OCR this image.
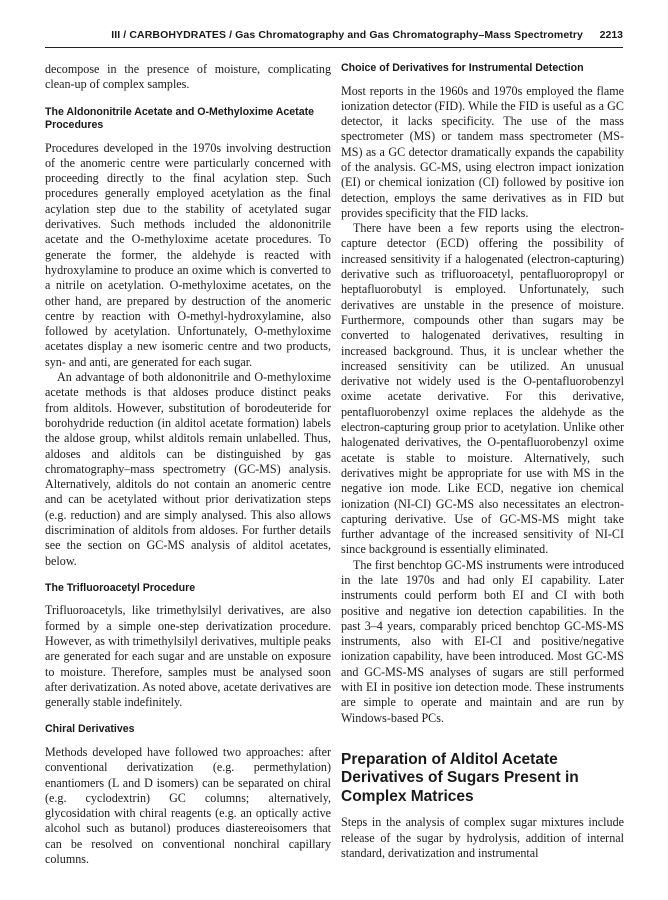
III / CARBOHYDRATES / Gas Chromatography and Gas Chromatography–Mass Spectrometry 2213

decompose in the presence of moisture, complicating clean-up of complex samples.

The Aldononitrile Acetate and O-Methyloxime Acetate Procedures

Procedures developed in the 1970s involving destruction of the anomeric centre were particularly concerned with proceeding directly to the final acylation step. Such procedures generally employed acetylation as the final acylation step due to the stability of acetylated sugar derivatives. Such methods included the aldononitrile acetate and the O-methyloxime acetate procedures. To generate the former, the aldehyde is reacted with hydroxylamine to produce an oxime which is converted to a nitrile on acetylation. O-methyloxime acetates, on the other hand, are prepared by destruction of the anomeric centre by reaction with O-methyl-hydroxylamine, also followed by acetylation. Unfortunately, O-methyloxime acetates display a new isomeric centre and two products, syn- and anti, are generated for each sugar.

An advantage of both aldononitrile and O-methyloxime acetate methods is that aldoses produce distinct peaks from alditols. However, substitution of borodeuteride for borohydride reduction (in alditol acetate formation) labels the aldose group, whilst alditols remain unlabelled. Thus, aldoses and alditols can be distinguished by gas chromatography–mass spectrometry (GC-MS) analysis. Alternatively, alditols do not contain an anomeric centre and can be acetylated without prior derivatization steps (e.g. reduction) and are simply analysed. This also allows discrimination of alditols from aldoses. For further details see the section on GC-MS analysis of alditol acetates, below.

The Trifluoroacetyl Procedure

Trifluoroacetyls, like trimethylsilyl derivatives, are also formed by a simple one-step derivatization procedure. However, as with trimethylsilyl derivatives, multiple peaks are generated for each sugar and are unstable on exposure to moisture. Therefore, samples must be analysed soon after derivatization. As noted above, acetate derivatives are generally stable indefinitely.

Chiral Derivatives

Methods developed have followed two approaches: after conventional derivatization (e.g. permethylation) enantiomers (L and D isomers) can be separated on chiral (e.g. cyclodextrin) GC columns; alternatively, glycosidation with chiral reagents (e.g. an optically active alcohol such as butanol) produces diastereoisomers that can be resolved on conventional nonchiral capillary columns.

Choice of Derivatives for Instrumental Detection

Most reports in the 1960s and 1970s employed the flame ionization detector (FID). While the FID is useful as a GC detector, it lacks specificity. The use of the mass spectrometer (MS) or tandem mass spectrometer (MS-MS) as a GC detector dramatically expands the capability of the analysis. GC-MS, using electron impact ionization (EI) or chemical ionization (CI) followed by positive ion detection, employs the same derivatives as in FID but provides specificity that the FID lacks.

There have been a few reports using the electron-capture detector (ECD) offering the possibility of increased sensitivity if a halogenated (electron-capturing) derivative such as trifluoroacetyl, pentafluoropropyl or heptafluorobutyl is employed. Unfortunately, such derivatives are unstable in the presence of moisture. Furthermore, compounds other than sugars may be converted to halogenated derivatives, resulting in increased background. Thus, it is unclear whether the increased sensitivity can be utilized. An unusual derivative not widely used is the O-pentafluorobenzyl oxime acetate derivative. For this derivative, pentafluorobenzyl oxime replaces the aldehyde as the electron-capturing group prior to acetylation. Unlike other halogenated derivatives, the O-pentafluorobenzyl oxime acetate is stable to moisture. Alternatively, such derivatives might be appropriate for use with MS in the negative ion mode. Like ECD, negative ion chemical ionization (NI-CI) GC-MS also necessitates an electron-capturing derivative. Use of GC-MS-MS might take further advantage of the increased sensitivity of NI-CI since background is essentially eliminated.

The first benchtop GC-MS instruments were introduced in the late 1970s and had only EI capability. Later instruments could perform both EI and CI with both positive and negative ion detection capabilities. In the past 3–4 years, comparably priced benchtop GC-MS-MS instruments, also with EI-CI and positive/negative ionization capability, have been introduced. Most GC-MS and GC-MS-MS analyses of sugars are still performed with EI in positive ion detection mode. These instruments are simple to operate and maintain and are run by Windows-based PCs.

Preparation of Alditol Acetate Derivatives of Sugars Present in Complex Matrices

Steps in the analysis of complex sugar mixtures include release of the sugar by hydrolysis, addition of internal standard, derivatization and instrumental
